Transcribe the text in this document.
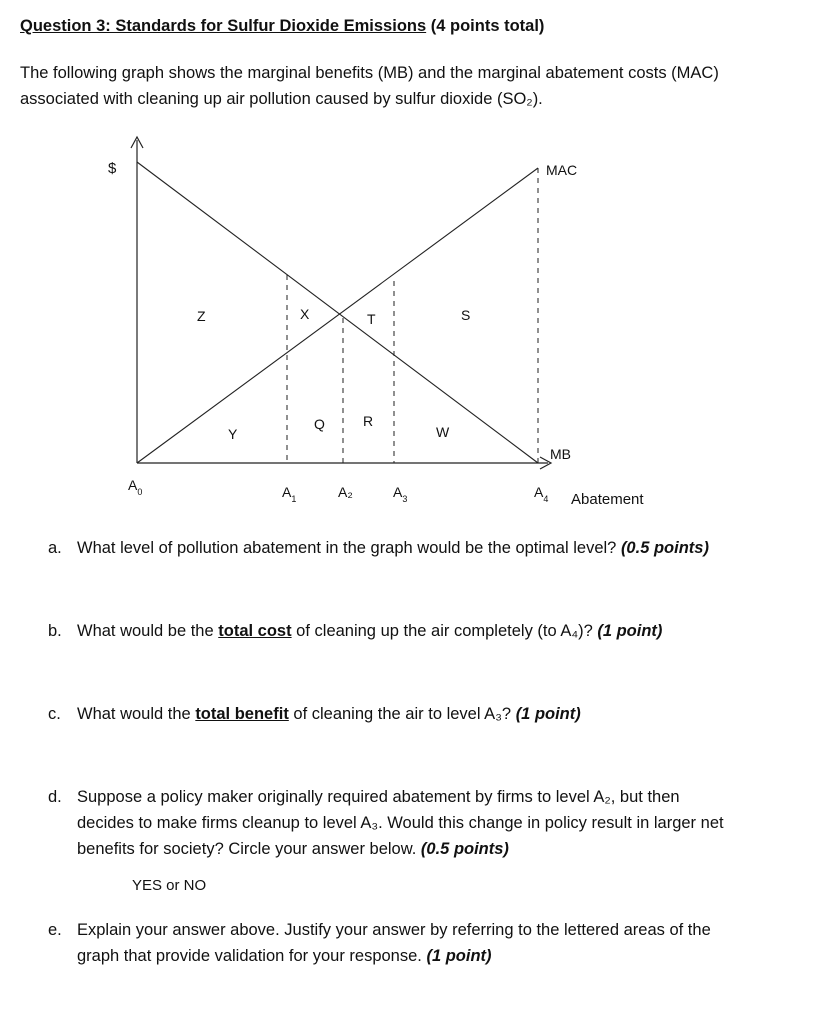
Question 3: Standards for Sulfur Dioxide Emissions (4 points total)
The following graph shows the marginal benefits (MB) and the marginal abatement costs (MAC) associated with cleaning up air pollution caused by sulfur dioxide (SO₂).
$
Abatement
MAC
MB
$A_0$	$A_1$	A₂	$A_3$	$A_4$
Z	X	T	S
Y
Q	R
W
a. What level of pollution abatement in the graph would be the optimal level? (0.5 points)
b. What would be the total cost of cleaning up the air completely (to A₄)? (1 point)
c. What would the total benefit of cleaning the air to level A₃? (1 point)
d. Suppose a policy maker originally required abatement by firms to level A₂, but then decides to make firms cleanup to level A₃. Would this change in policy result in larger net benefits for society? Circle your answer below. (0.5 points)
YES or NO
e. Explain your answer above. Justify your answer by referring to the lettered areas of the graph that provide validation for your response. (1 point)
